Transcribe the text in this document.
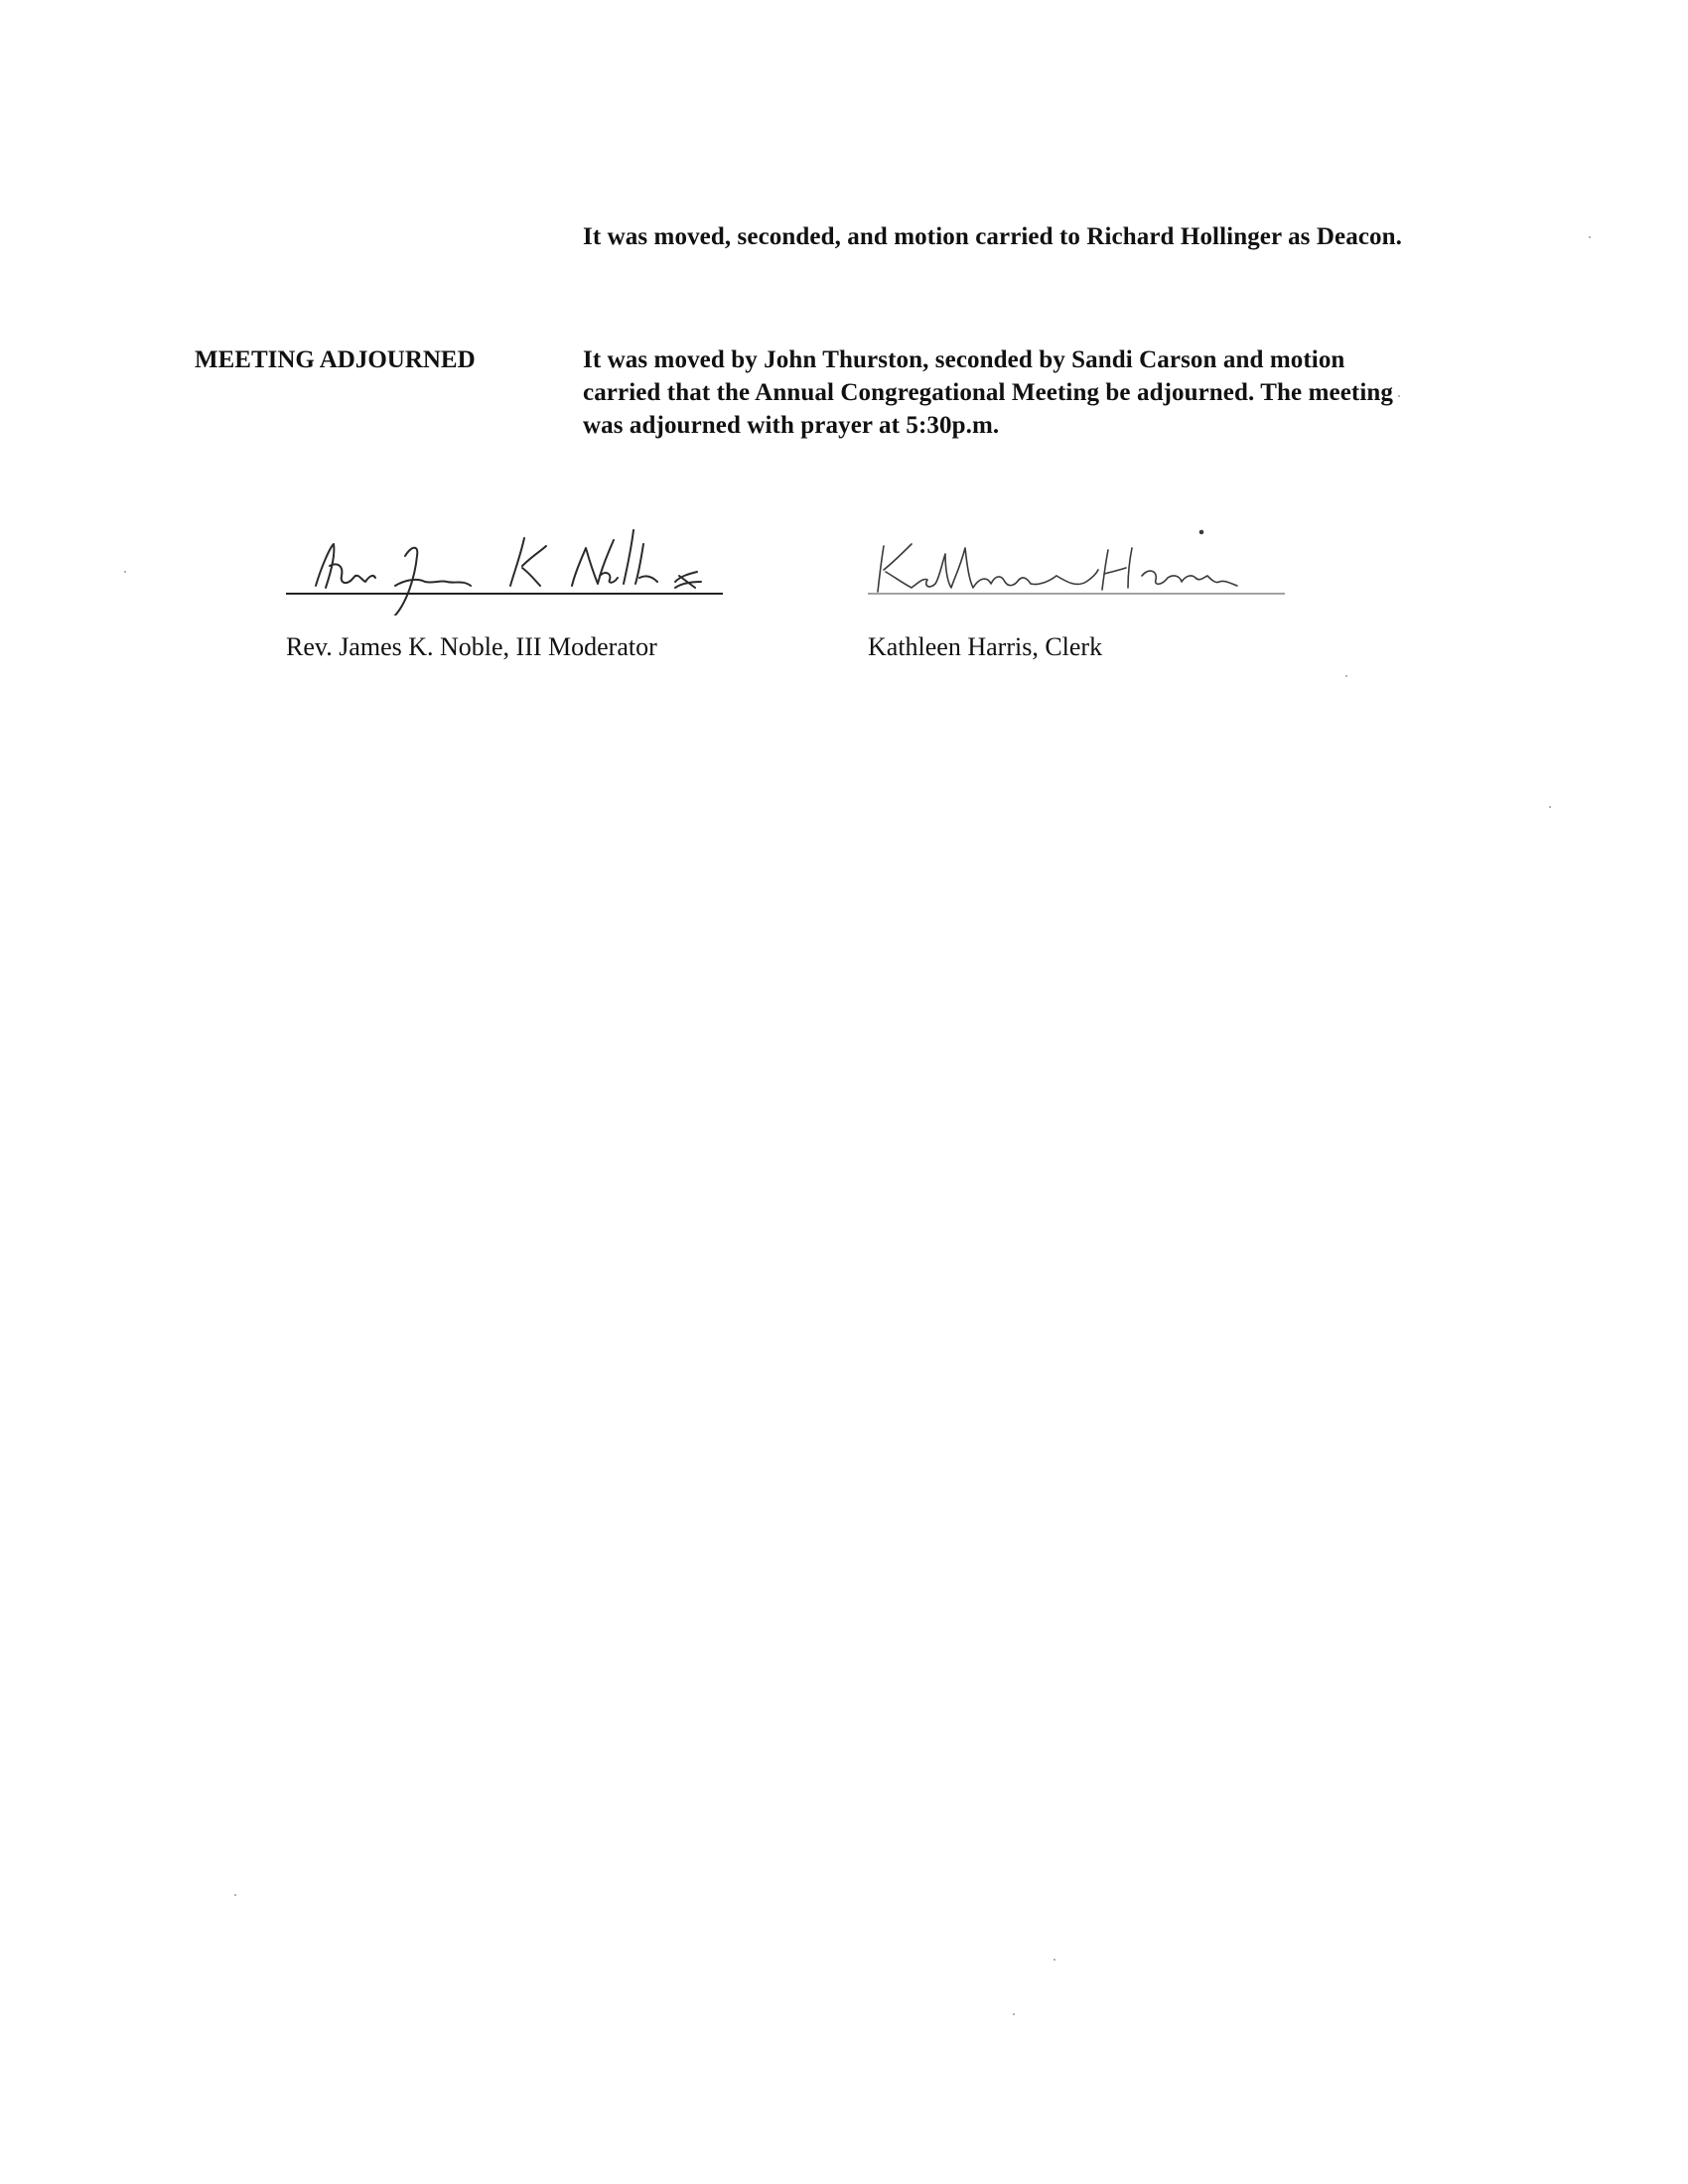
It was moved, seconded, and motion carried to Richard Hollinger as Deacon.
MEETING ADJOURNED	It was moved by John Thurston, seconded by Sandi Carson and motion carried that the Annual Congregational Meeting be adjourned. The meeting was adjourned with prayer at 5:30p.m.
Rev. James K. Noble, III Moderator	Kathleen Harris, Clerk
